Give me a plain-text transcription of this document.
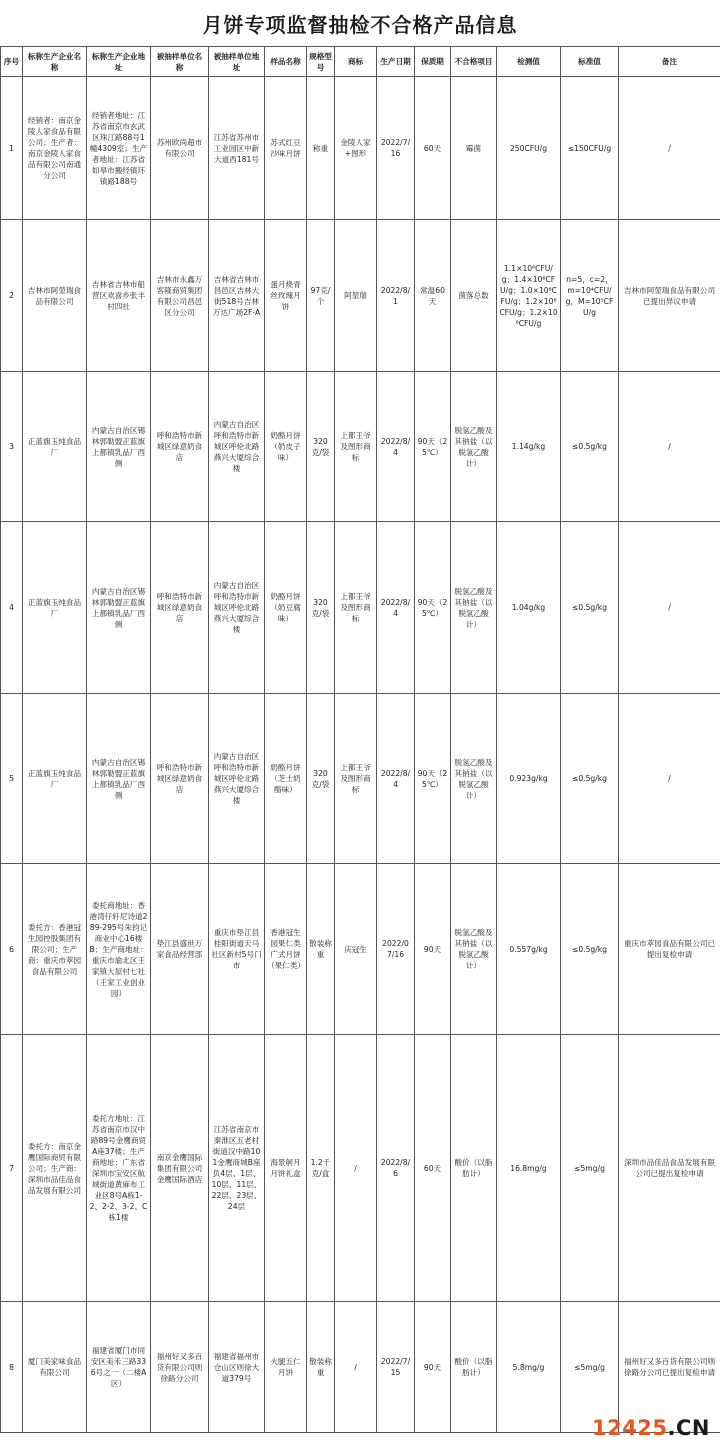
月饼专项监督抽检不合格产品信息
序号	标称生产企业名称	标称生产企业地址	被抽样单位名称	被抽样单位地址	样品名称	规格型号	商标	生产日期	保质期	不合格项目	检测值	标准值	备注
1	经销者：南京金陵人家食品有限公司；生产者：南京金陵人家食品有限公司南通分公司	经销者地址：江苏省南京市玄武区珠江路88号1幢4309室；生产者地址：江苏省如皋市搬经镇环镇路188号	苏州欧尚超市有限公司	江苏省苏州市工业园区中新大道西181号	苏式红豆沙味月饼	称重	金陵人家+图形	2022/7/16	60天	霉菌	250CFU/g	≤150CFU/g	/
2	吉林市阿堃瑞食品有限公司	吉林省吉林市船营区欢喜乡张丰村四社	吉林市永鑫万客隆商贸集团有限公司昌邑区分公司	吉林省吉林市昌邑区吉林大街518号吉林万达广场2F-A	蛋月烧青丝玫瑰月饼	97克/个	阿堃瑞	2022/8/1	常温60天	菌落总数	1.1×10⁶CFU/g；1.4×10⁶CFU/g；1.0×10⁶CFU/g；1.2×10⁶CFU/g；1.2×10⁶CFU/g	n=5，c=2，m=10⁴CFU/g，M=10⁵CFU/g	吉林市阿堃瑞食品有限公司已提出异议申请
3	正蓝旗玉纯食品厂	内蒙古自治区锡林郭勒盟正蓝旗上都镇乳品厂西侧	呼和浩特市新城区绿意奶食店	内蒙古自治区呼和浩特市新城区呼伦北路燕兴大厦综合楼	奶酪月饼（奶皮子味）	320克/袋	上都王爷及图形商标	2022/8/4	90天（25℃）	脱氢乙酸及其钠盐（以脱氢乙酸计）	1.14g/kg	≤0.5g/kg	/
4	正蓝旗玉纯食品厂	内蒙古自治区锡林郭勒盟正蓝旗上都镇乳品厂西侧	呼和浩特市新城区绿意奶食店	内蒙古自治区呼和浩特市新城区呼伦北路燕兴大厦综合楼	奶酪月饼（奶豆腐味）	320克/袋	上都王爷及图形商标	2022/8/4	90天（25℃）	脱氢乙酸及其钠盐（以脱氢乙酸计）	1.04g/kg	≤0.5g/kg	/
5	正蓝旗玉纯食品厂	内蒙古自治区锡林郭勒盟正蓝旗上都镇乳品厂西侧	呼和浩特市新城区绿意奶食店	内蒙古自治区呼和浩特市新城区呼伦北路燕兴大厦综合楼	奶酪月饼（芝士奶酪味）	320克/袋	上都王爷及图形商标	2022/8/4	90天（25℃）	脱氢乙酸及其钠盐（以脱氢乙酸计）	0.923g/kg	≤0.5g/kg	/
6	委托方：香港冠生园控股集团有限公司；生产商：重庆市萃园食品有限公司	委托商地址：香港湾仔轩尼诗道289-295号朱钧记商业中心16楼B；生产商地址：重庆市渝北区王家镇大屋村七社（王家工业创业园）	垫江县盛世万家食品经营部	重庆市垫江县桂阳街道天马社区新村5号门市	香港冠生园果仁类广式月饼（果仁类）	散装称重	庆冠生	2022/07/16	90天	脱氢乙酸及其钠盐（以脱氢乙酸计）	0.557g/kg	≤0.5g/kg	重庆市萃园食品有限公司已提出复检申请
7	委托方：南京金鹰国际商贸有限公司；生产商：深圳市品佳品食品发展有限公司	委托方地址：江苏省南京市汉中路89号金鹰商贸A座37楼；生产商地址：广东省深圳市宝安区航城街道黄麻布工业区8号A栋1-2、2-2、3-2、C栋1楼	南京金鹰国际集团有限公司金鹰国际酒店	江苏省南京市秦淮区五老村街道汉中路101金鹰商城B座负4层、1层、10层、11层、22层、23层、24层	海景舸月月饼礼盒	1.2千克/盒	/	2022/8/6	60天	酸价（以脂肪计）	16.8mg/g	≤5mg/g	深圳市品佳品食品发展有限公司已提出复检申请
8	厦门美家味食品有限公司	福建省厦门市同安区美禾三路336号之一（二楼A区）	福州好又多百货有限公司则徐路分公司	福建省福州市仓山区则徐大道379号	火腿五仁月饼	散装称重	/	2022/7/15	90天	酸价（以脂肪计）	5.8mg/g	≤5mg/g	福州好又多百货有限公司则徐路分公司已提出复检申请
12425.CN
